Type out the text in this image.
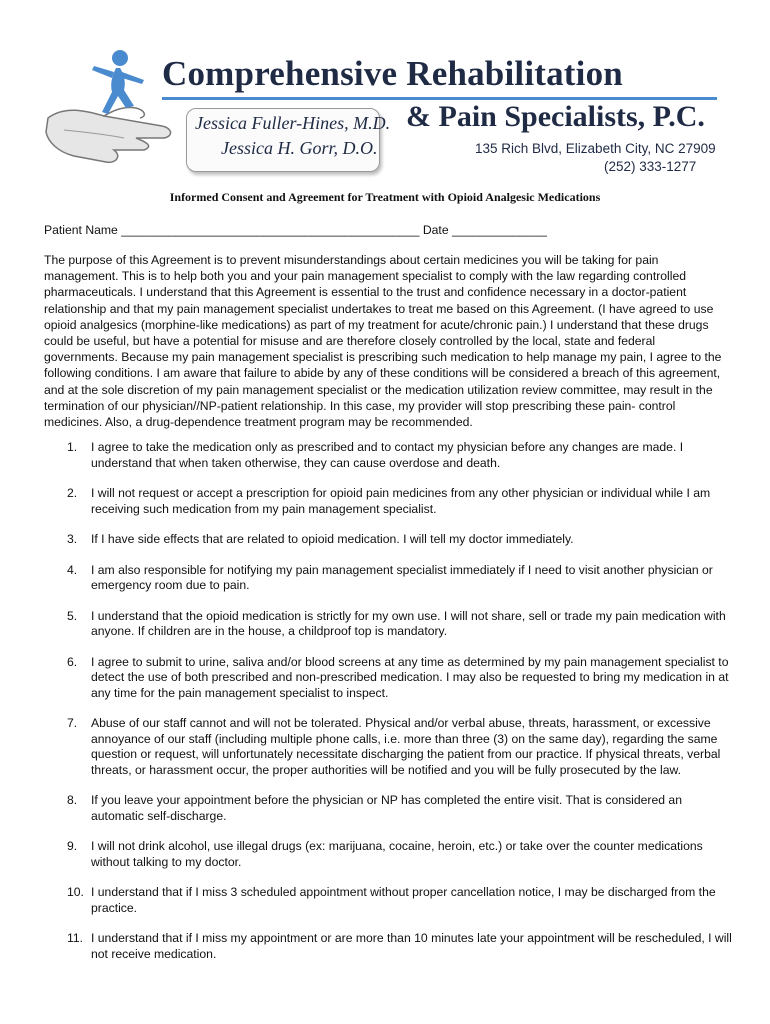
Comprehensive Rehabilitation
& Pain Specialists, P.C.
Jessica Fuller-Hines, M.D.
Jessica H. Gorr, D.O.	135 Rich Blvd, Elizabeth City, NC 27909
(252) 333-1277
Informed Consent and Agreement for Treatment with Opioid Analgesic Medications
Patient Name ____________________________________________ Date ______________

The purpose of this Agreement is to prevent misunderstandings about certain medicines you will be taking for pain management. This is to help both you and your pain management specialist to comply with the law regarding controlled pharmaceuticals. I understand that this Agreement is essential to the trust and confidence necessary in a doctor-patient relationship and that my pain management specialist undertakes to treat me based on this Agreement. (I have agreed to use opioid analgesics (morphine-like medications) as part of my treatment for acute/chronic pain.) I understand that these drugs could be useful, but have a potential for misuse and are therefore closely controlled by the local, state and federal governments. Because my pain management specialist is prescribing such medication to help manage my pain, I agree to the following conditions. I am aware that failure to abide by any of these conditions will be considered a breach of this agreement, and at the sole discretion of my pain management specialist or the medication utilization review committee, may result in the termination of our physician//NP-patient relationship. In this case, my provider will stop prescribing these pain- control medicines. Also, a drug-dependence treatment program may be recommended.

1.	I agree to take the medication only as prescribed and to contact my physician before any changes are made. I understand that when taken otherwise, they can cause overdose and death.
2.	I will not request or accept a prescription for opioid pain medicines from any other physician or individual while I am receiving such medication from my pain management specialist.
3.	If I have side effects that are related to opioid medication. I will tell my doctor immediately.
4.	I am also responsible for notifying my pain management specialist immediately if I need to visit another physician or emergency room due to pain.
5.	I understand that the opioid medication is strictly for my own use. I will not share, sell or trade my pain medication with anyone. If children are in the house, a childproof top is mandatory.
6.	I agree to submit to urine, saliva and/or blood screens at any time as determined by my pain management specialist to detect the use of both prescribed and non-prescribed medication. I may also be requested to bring my medication in at any time for the pain management specialist to inspect.
7.	Abuse of our staff cannot and will not be tolerated. Physical and/or verbal abuse, threats, harassment, or excessive annoyance of our staff (including multiple phone calls, i.e. more than three (3) on the same day), regarding the same question or request, will unfortunately necessitate discharging the patient from our practice. If physical threats, verbal threats, or harassment occur, the proper authorities will be notified and you will be fully prosecuted by the law.
8.	If you leave your appointment before the physician or NP has completed the entire visit. That is considered an automatic self-discharge.
9.	I will not drink alcohol, use illegal drugs (ex: marijuana, cocaine, heroin, etc.) or take over the counter medications without talking to my doctor.
10. I understand that if I miss 3 scheduled appointment without proper cancellation notice, I may be discharged from the practice.
11. I understand that if I miss my appointment or are more than 10 minutes late your appointment will be rescheduled, I will not receive medication.
